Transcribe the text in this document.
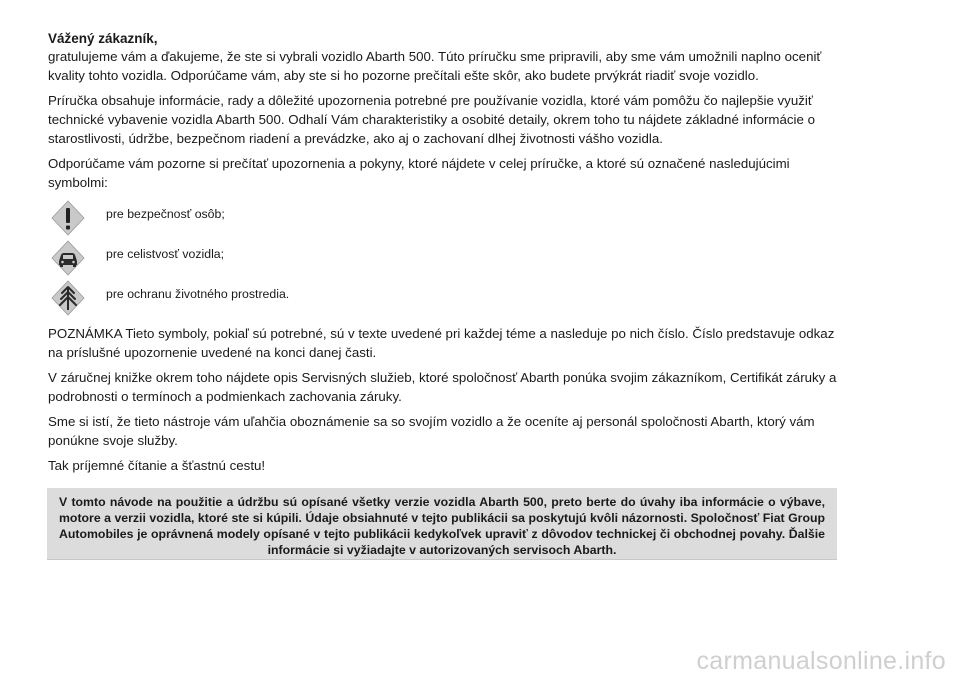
Vážený zákazník,

gratulujeme vám a ďakujeme, že ste si vybrali vozidlo Abarth 500. Túto príručku sme pripravili, aby sme vám umožnili naplno oceniť kvality tohto vozidla. Odporúčame vám, aby ste si ho pozorne prečítali ešte skôr, ako budete prvýkrát riadiť svoje vozidlo.

Príručka obsahuje informácie, rady a dôležité upozornenia potrebné pre používanie vozidla, ktoré vám pomôžu čo najlepšie využiť technické vybavenie vozidla Abarth 500. Odhalí Vám charakteristiky a osobité detaily, okrem toho tu nájdete základné informácie o starostlivosti, údržbe, bezpečnom riadení a prevádzke, ako aj o zachovaní dlhej životnosti vášho vozidla.

Odporúčame vám pozorne si prečítať upozornenia a pokyny, ktoré nájdete v celej príručke, a ktoré sú označené nasledujúcimi symbolmi:

pre bezpečnosť osôb;
pre celistvosť vozidla;
pre ochranu životného prostredia.

POZNÁMKA Tieto symboly, pokiaľ sú potrebné, sú v texte uvedené pri každej téme a nasleduje po nich číslo. Číslo predstavuje odkaz na príslušné upozornenie uvedené na konci danej časti.

V záručnej knižke okrem toho nájdete opis Servisných služieb, ktoré spoločnosť Abarth ponúka svojim zákazníkom, Certifikát záruky a podrobnosti o termínoch a podmienkach zachovania záruky.

Sme si istí, že tieto nástroje vám uľahčia oboznámenie sa so svojím vozidlo a že oceníte aj personál spoločnosti Abarth, ktorý vám ponúkne svoje služby.

Tak príjemné čítanie a šťastnú cestu!

V tomto návode na použitie a údržbu sú opísané všetky verzie vozidla Abarth 500, preto berte do úvahy iba informácie o výbave, motore a verzii vozidla, ktoré ste si kúpili. Údaje obsiahnuté v tejto publikácii sa poskytujú kvôli názornosti. Spoločnosť Fiat Group Automobiles je oprávnená modely opísané v tejto publikácii kedykoľvek upraviť z dôvodov technickej či obchodnej povahy. Ďalšie informácie si vyžiadajte v autorizovaných servisoch Abarth.
carmanualsonline.info
